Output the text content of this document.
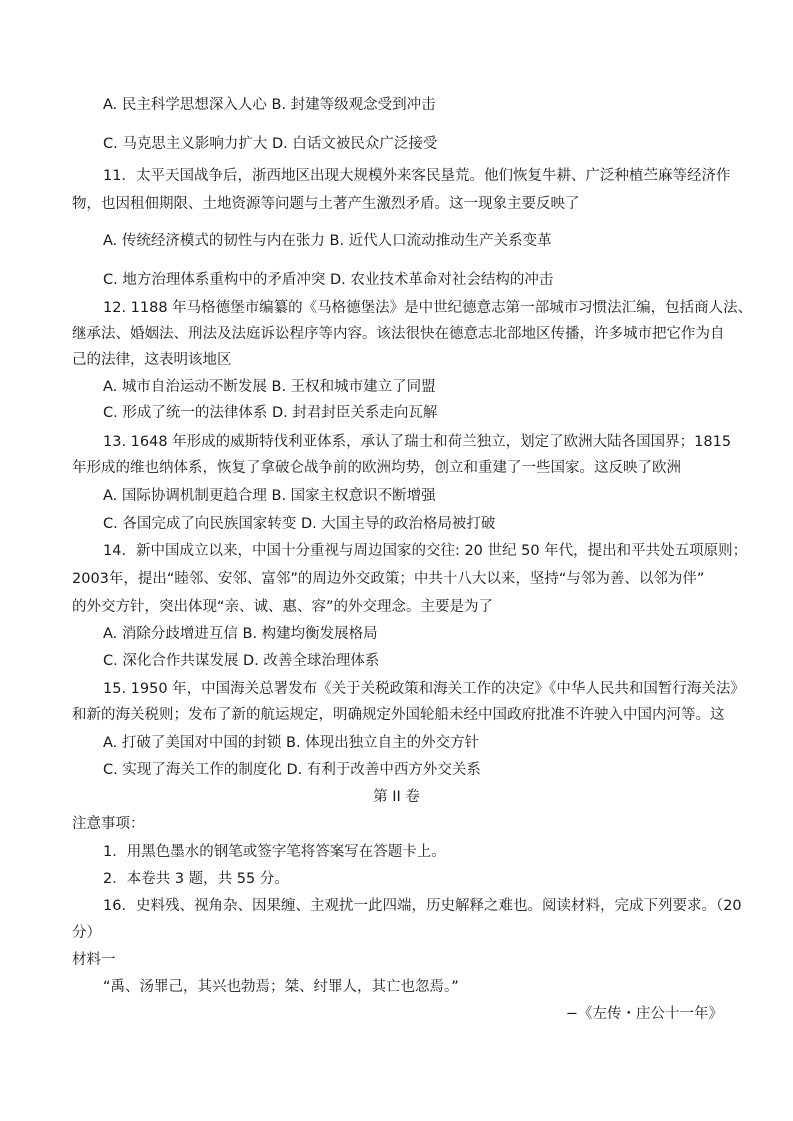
A. 民主科学思想深入人心 B. 封建等级观念受到冲击
C. 马克思主义影响力扩大 D. 白话文被民众广泛接受
11．太平天国战争后，浙西地区出现大规模外来客民垦荒。他们恢复牛耕、广泛种植苎麻等经济作
物，也因租佃期限、土地资源等问题与土著产生激烈矛盾。这一现象主要反映了
A. 传统经济模式的韧性与内在张力 B. 近代人口流动推动生产关系变革
C. 地方治理体系重构中的矛盾冲突 D. 农业技术革命对社会结构的冲击
12. 1188 年马格德堡市编纂的《马格德堡法》是中世纪德意志第一部城市习惯法汇编，包括商人法、
继承法、婚姻法、刑法及法庭诉讼程序等内容。该法很快在德意志北部地区传播，许多城市把它作为自
己的法律，这表明该地区
A. 城市自治运动不断发展 B. 王权和城市建立了同盟
C. 形成了统一的法律体系 D. 封君封臣关系走向瓦解
13. 1648 年形成的威斯特伐利亚体系，承认了瑞士和荷兰独立，划定了欧洲大陆各国国界；1815
年形成的维也纳体系，恢复了拿破仑战争前的欧洲均势，创立和重建了一些国家。这反映了欧洲
A. 国际协调机制更趋合理 B. 国家主权意识不断增强
C. 各国完成了向民族国家转变 D. 大国主导的政治格局被打破
14．新中国成立以来，中国十分重视与周边国家的交往: 20 世纪 50 年代，提出和平共处五项原则；
2003年，提出“睦邻、安邻、富邻”的周边外交政策；中共十八大以来，坚持“与邻为善、以邻为伴”
的外交方针，突出体现“亲、诚、惠、容”的外交理念。主要是为了
A. 消除分歧增进互信 B. 构建均衡发展格局
C. 深化合作共谋发展 D. 改善全球治理体系
15. 1950 年，中国海关总署发布《关于关税政策和海关工作的决定》《中华人民共和国暂行海关法》
和新的海关税则；发布了新的航运规定，明确规定外国轮船未经中国政府批准不许驶入中国内河等。这
A. 打破了美国对中国的封锁 B. 体现出独立自主的外交方针
C. 实现了海关工作的制度化 D. 有利于改善中西方外交关系
第 II 卷
注意事项：
1．用黑色墨水的钢笔或签字笔将答案写在答题卡上。
2．本卷共 3 题，共 55 分。
16．史料残、视角杂、因果缠、主观扰一此四端，历史解释之难也。阅读材料，完成下列要求。（20
分）
材料一
“禹、汤罪己，其兴也勃焉；桀、纣罪人，其亡也忽焉。”
−《左传・庄公十一年》
